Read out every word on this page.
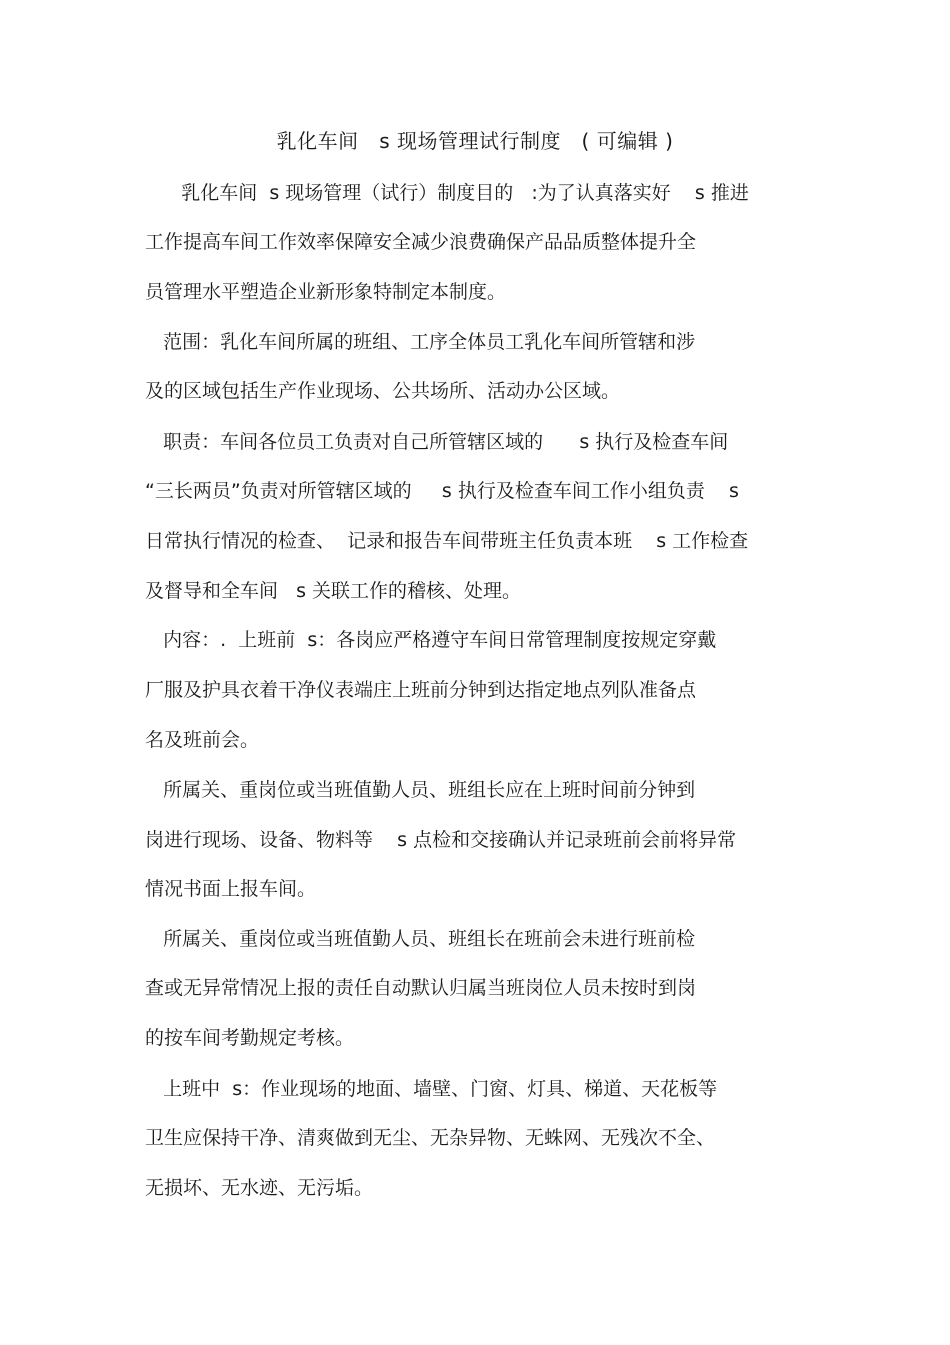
乳化车间   s 现场管理试行制度   ( 可编辑 )
乳化车间  s 现场管理（试行）制度目的   :为了认真落实好    s 推进
工作提高车间工作效率保障安全减少浪费确保产品品质整体提升全
员管理水平塑造企业新形象特制定本制度。
范围：乳化车间所属的班组、工序全体员工乳化车间所管辖和涉
及的区域包括生产作业现场、公共场所、活动办公区域。
职责：车间各位员工负责对自己所管辖区域的      s 执行及检查车间
“三长两员”负责对所管辖区域的     s 执行及检查车间工作小组负责    s
日常执行情况的检查、  记录和报告车间带班主任负责本班    s 工作检查
及督导和全车间   s 关联工作的稽核、处理。
内容：.  上班前  s：各岗应严格遵守车间日常管理制度按规定穿戴
厂服及护具衣着干净仪表端庄上班前分钟到达指定地点列队准备点
名及班前会。
所属关、重岗位或当班值勤人员、班组长应在上班时间前分钟到
岗进行现场、设备、物料等    s 点检和交接确认并记录班前会前将异常
情况书面上报车间。
所属关、重岗位或当班值勤人员、班组长在班前会未进行班前检
查或无异常情况上报的责任自动默认归属当班岗位人员未按时到岗
的按车间考勤规定考核。
上班中  s：作业现场的地面、墙壁、门窗、灯具、梯道、天花板等
卫生应保持干净、清爽做到无尘、无杂异物、无蛛网、无残次不全、
无损坏、无水迹、无污垢。
